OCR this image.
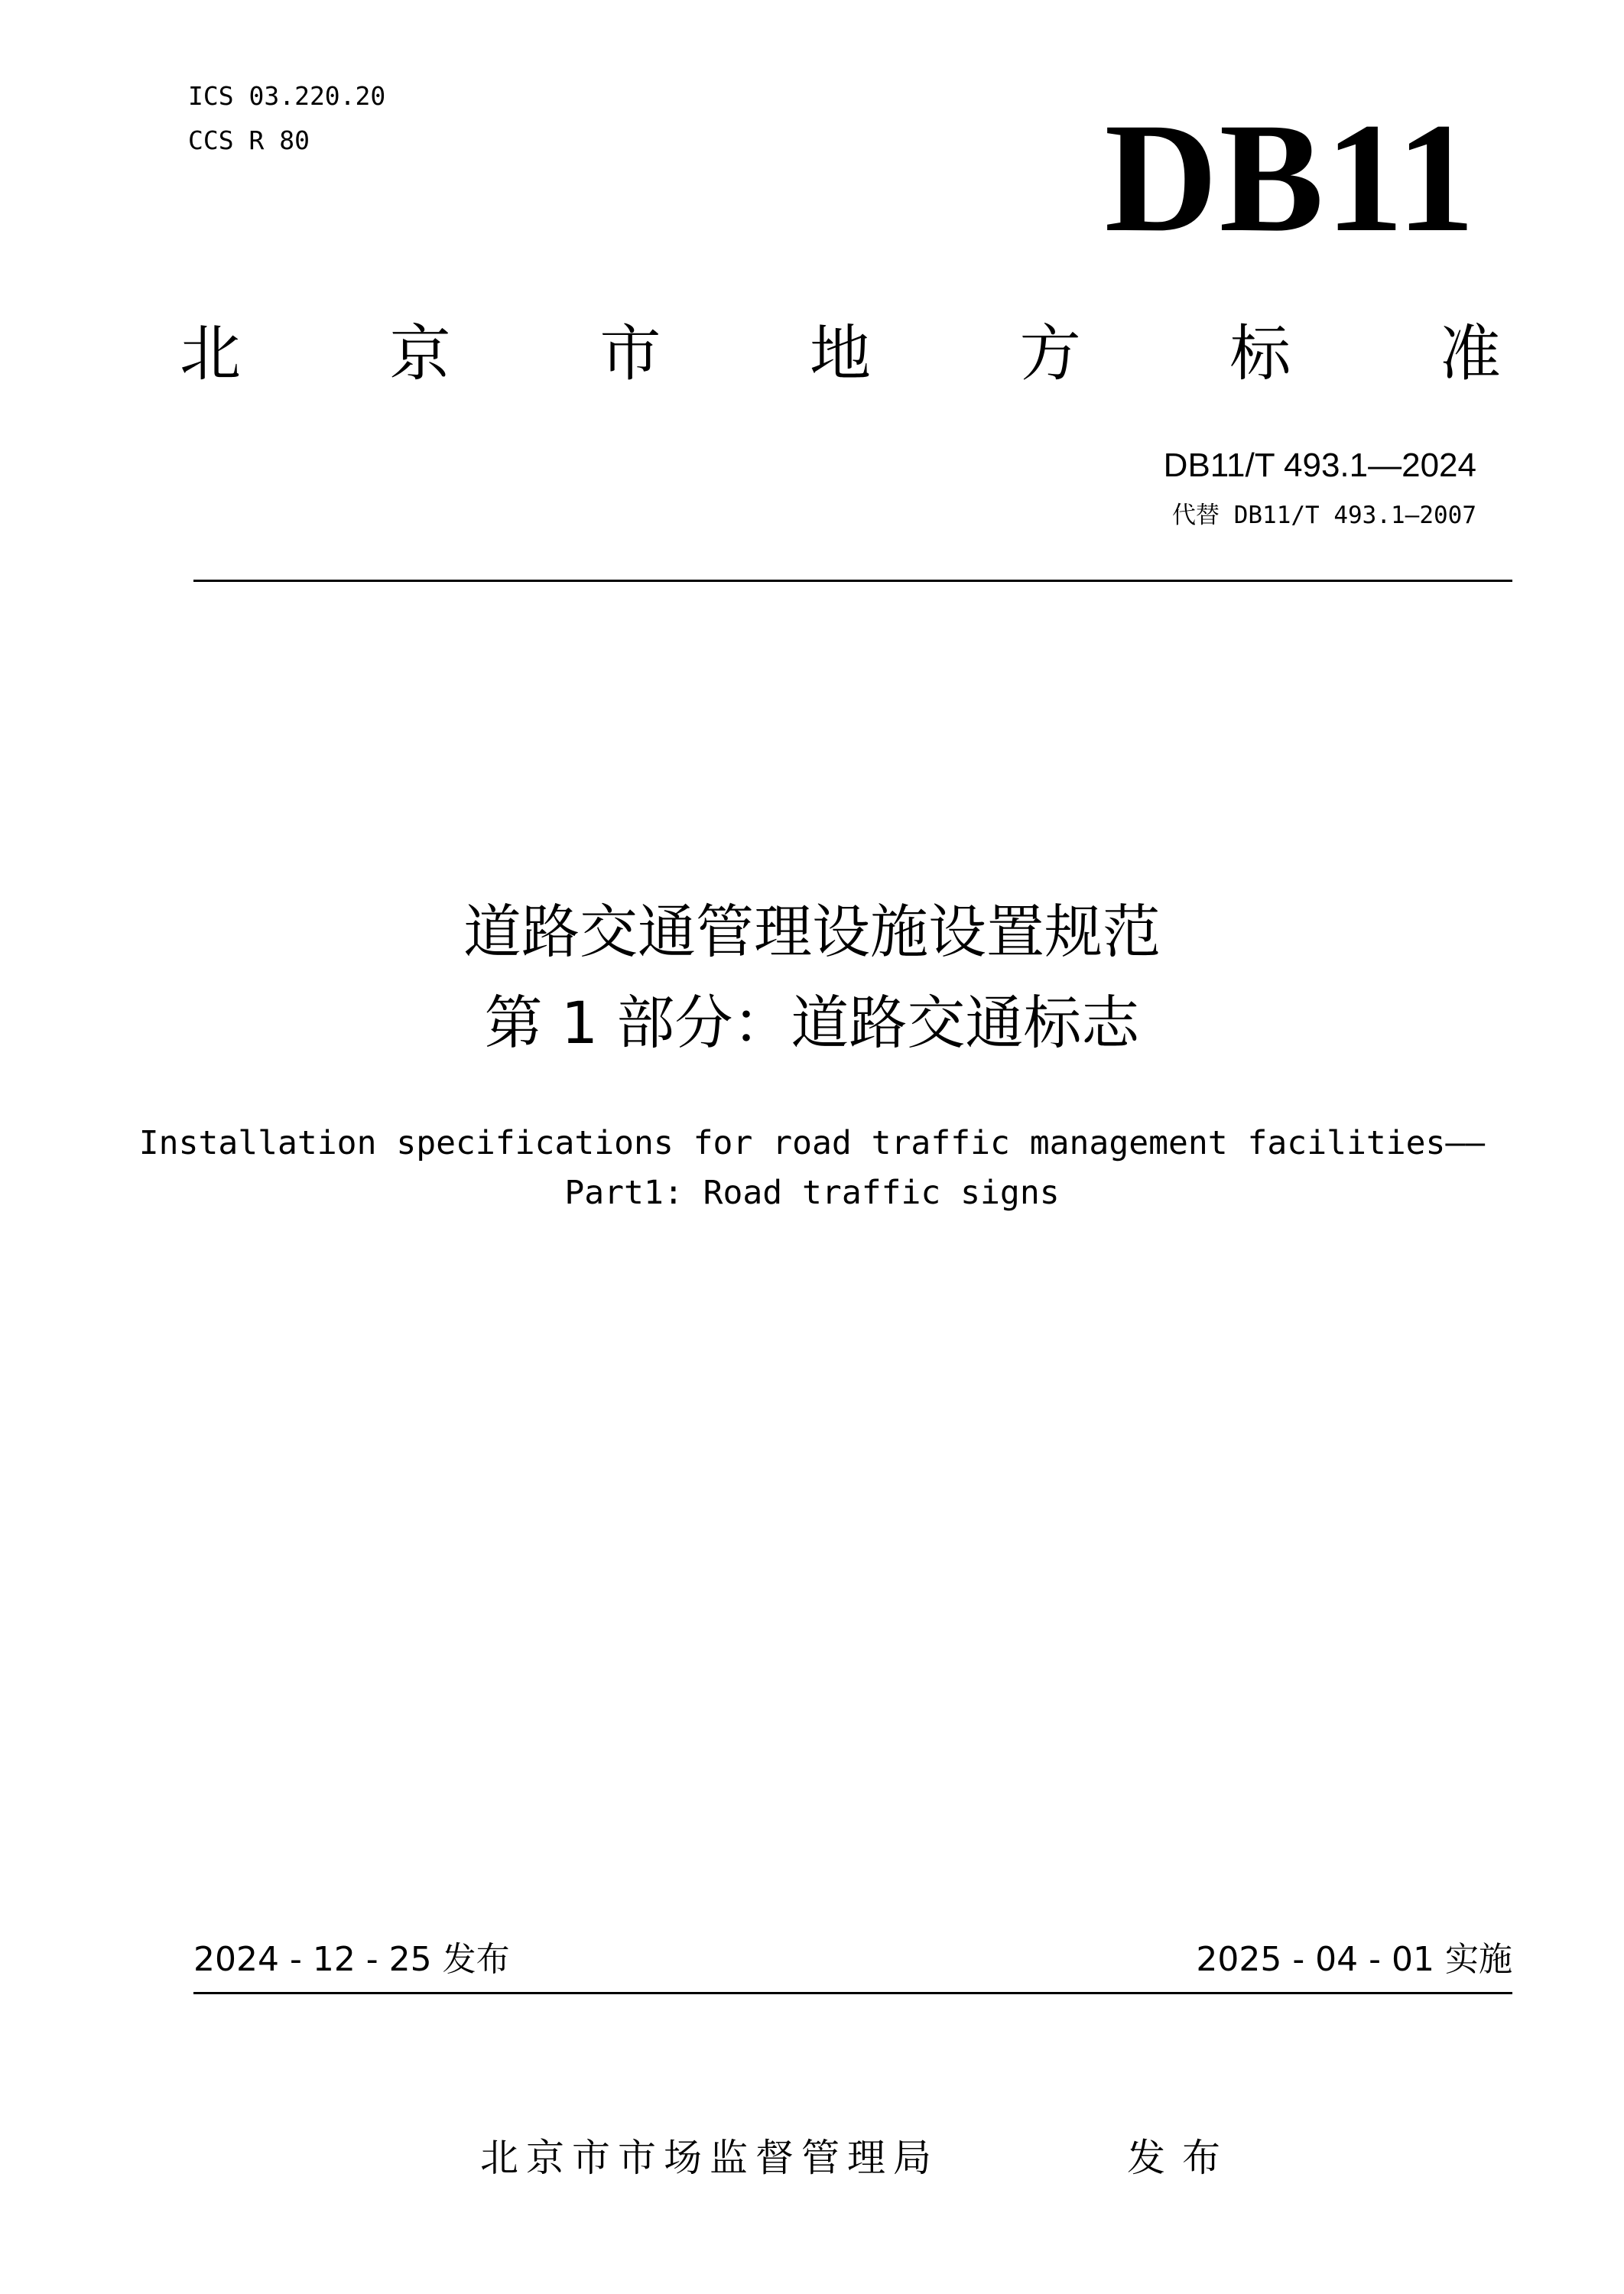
ICS 03.220.20
CCS R 80	DB11
北 京 市 地 方 标 准
DB11/T 493.1—2024
代替 DB11/T 493.1—2007
道路交通管理设施设置规范
第 1 部分：道路交通标志
Installation specifications for road traffic management facilities——
Part1: Road traffic signs
2024 - 12 - 25 发布	2025 - 04 - 01 实施
北京市市场监督管理局	发布
